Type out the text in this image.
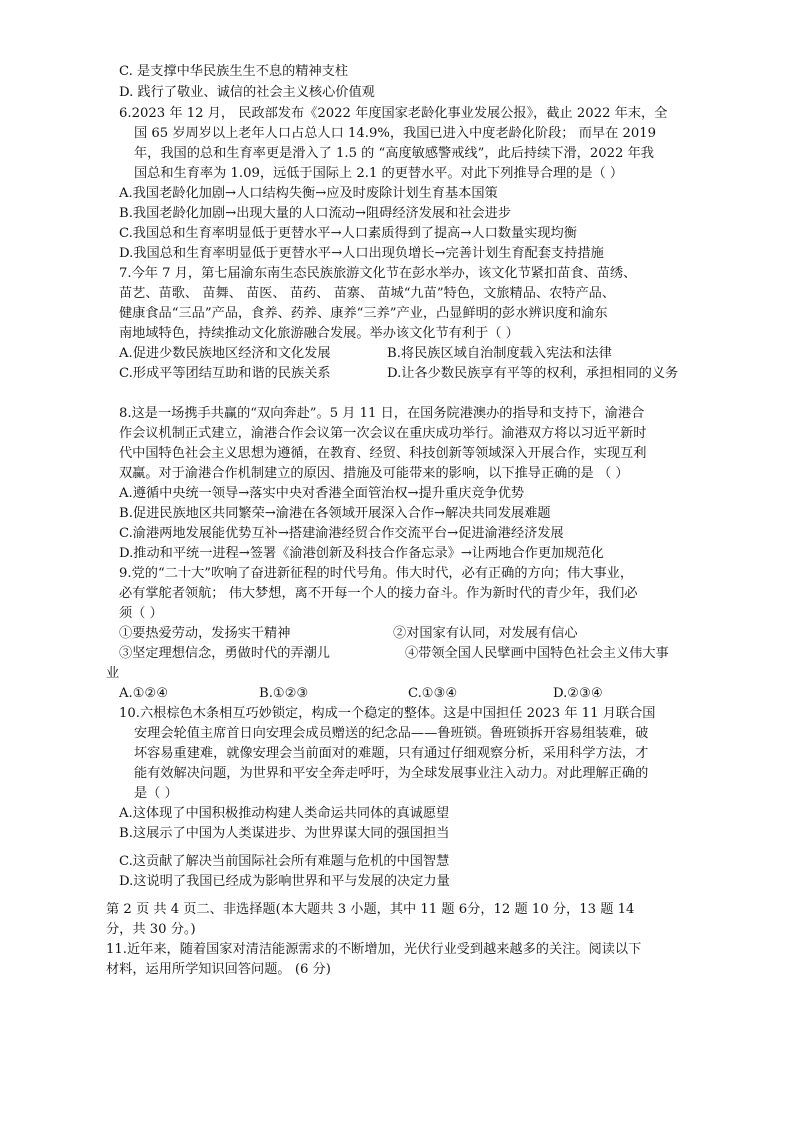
C. 是支撑中华民族生生不息的精神支柱
D. 践行了敬业、诚信的社会主义核心价值观
6.2023 年 12 月， 民政部发布《2022 年度国家老龄化事业发展公报》，截止 2022 年末，全
国 65 岁周岁以上老年人口占总人口 14.9%，我国已进入中度老龄化阶段； 而早在 2019
年，我国的总和生育率更是滑入了 1.5 的 “高度敏感警戒线”，此后持续下滑，2022 年我
国总和生育率为 1.09，远低于国际上 2.1 的更替水平。对此下列推导合理的是（ ）
A.我国老龄化加剧→人口结构失衡→应及时废除计划生育基本国策
B.我国老龄化加剧→出现大量的人口流动→阻碍经济发展和社会进步
C.我国总和生育率明显低于更替水平→人口素质得到了提高→人口数量实现均衡
D.我国总和生育率明显低于更替水平→人口出现负增长→完善计划生育配套支持措施
7.今年 7 月，第七届渝东南生态民族旅游文化节在彭水举办，该文化节紧扣苗食、苗绣、
苗艺、苗歌、 苗舞、 苗医、 苗药、 苗寨、 苗城“九苗”特色，文旅精品、农特产品、
健康食品“三品”产品，食养、药养、康养“三养”产业，凸显鲜明的彭水辨识度和渝东
南地域特色，持续推动文化旅游融合发展。举办该文化节有利于（ ）
A.促进少数民族地区经济和文化发展	B.将民族区域自治制度载入宪法和法律
C.形成平等团结互助和谐的民族关系	D.让各少数民族享有平等的权利，承担相同的义务
8.这是一场携手共赢的“双向奔赴”。5 月 11 日，在国务院港澳办的指导和支持下，渝港合
作会议机制正式建立，渝港合作会议第一次会议在重庆成功举行。渝港双方将以习近平新时
代中国特色社会主义思想为遵循，在教育、经贸、科技创新等领域深入开展合作，实现互利
双赢。对于渝港合作机制建立的原因、措施及可能带来的影响，以下推导正确的是 （ ）
A.遵循中央统一领导→落实中央对香港全面管治权→提升重庆竞争优势
B.促进民族地区共同繁荣→渝港在各领域开展深入合作→解决共同发展难题
C.渝港两地发展能优势互补→搭建渝港经贸合作交流平台→促进渝港经济发展
D.推动和平统一进程→签署《渝港创新及科技合作备忘录》→让两地合作更加规范化
9.党的“二十大”吹响了奋进新征程的时代号角。伟大时代，必有正确的方向；伟大事业，
必有掌舵者领航； 伟大梦想，离不开每一个人的接力奋斗。作为新时代的青少年，我们必
须（ ）
①要热爱劳动，发扬实干精神	②对国家有认同，对发展有信心
③坚定理想信念，勇做时代的弄潮儿	④带领全国人民擘画中国特色社会主义伟大事
业
A.①②④	B.①②③	C.①③④	D.②③④
10.六根棕色木条相互巧妙锁定，构成一个稳定的整体。这是中国担任 2023 年 11 月联合国
安理会轮值主席首日向安理会成员赠送的纪念品——鲁班锁。鲁班锁拆开容易组装难，破
坏容易重建难，就像安理会当前面对的难题，只有通过仔细观察分析，采用科学方法，才
能有效解决问题，为世界和平安全奔走呼吁，为全球发展事业注入动力。对此理解正确的
是（ ）
A.这体现了中国积极推动构建人类命运共同体的真诚愿望
B.这展示了中国为人类谋进步、为世界谋大同的强国担当
C.这贡献了解决当前国际社会所有难题与危机的中国智慧
D.这说明了我国已经成为影响世界和平与发展的决定力量
第 2 页 共 4 页二、非选择题(本大题共 3 小题，其中 11 题 6分，12 题 10 分，13 题 14
分，共 30 分。)
11.近年来，随着国家对清洁能源需求的不断增加，光伏行业受到越来越多的关注。阅读以下
材料，运用所学知识回答问题。 (6 分)
